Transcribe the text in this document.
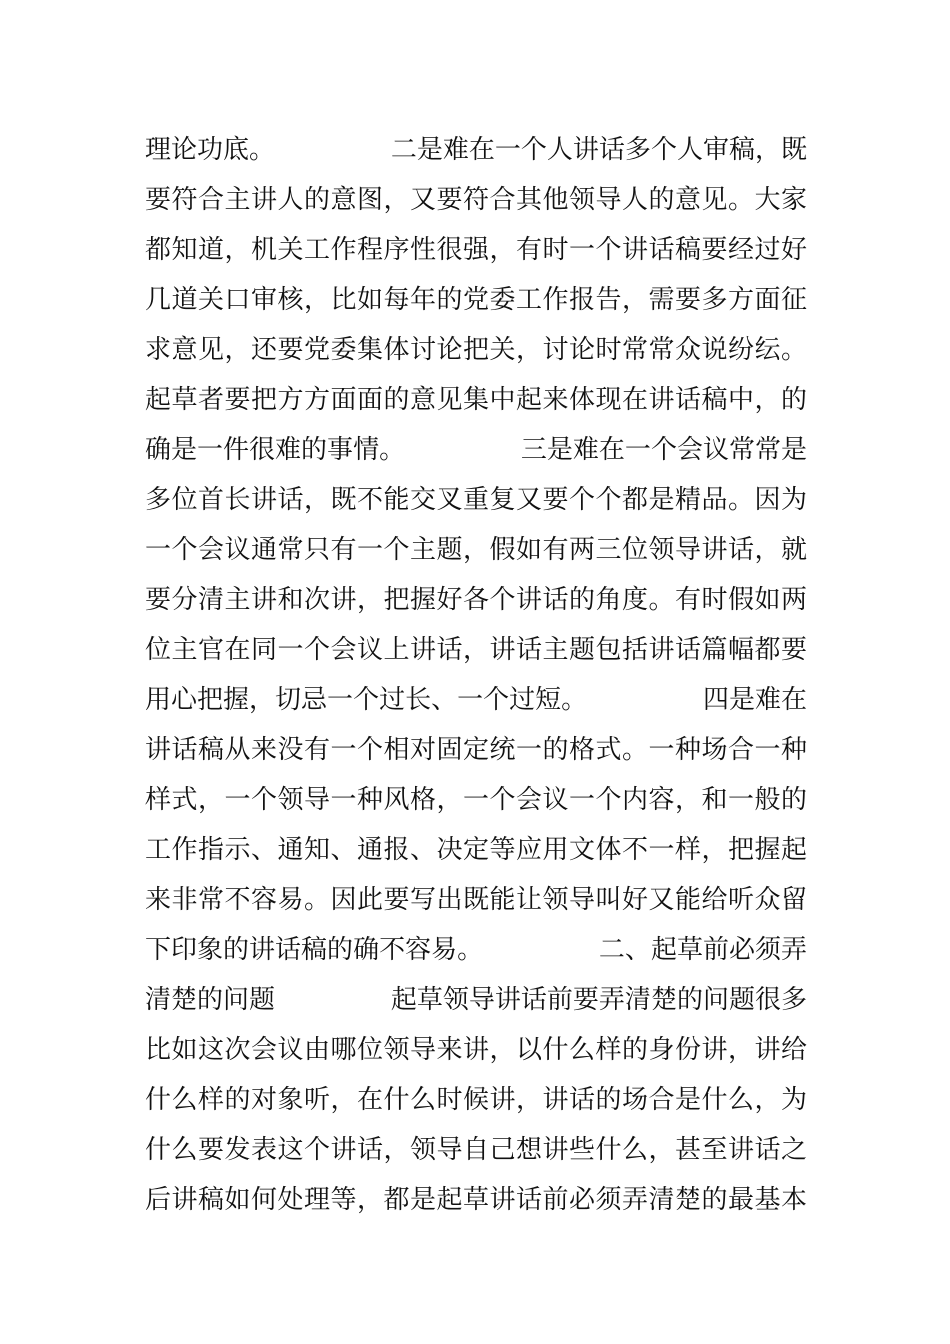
理论功底。              二是难在一个人讲话多个人审稿，既
要符合主讲人的意图，又要符合其他领导人的意见。大家
都知道，机关工作程序性很强，有时一个讲话稿要经过好
几道关口审核，比如每年的党委工作报告，需要多方面征
求意见，还要党委集体讨论把关，讨论时常常众说纷纭。
起草者要把方方面面的意见集中起来体现在讲话稿中，的
确是一件很难的事情。              三是难在一个会议常常是
多位首长讲话，既不能交叉重复又要个个都是精品。因为
一个会议通常只有一个主题，假如有两三位领导讲话，就
要分清主讲和次讲，把握好各个讲话的角度。有时假如两
位主官在同一个会议上讲话，讲话主题包括讲话篇幅都要
用心把握，切忌一个过长、一个过短。              四是难在
讲话稿从来没有一个相对固定统一的格式。一种场合一种
样式，一个领导一种风格，一个会议一个内容，和一般的
工作指示、通知、通报、决定等应用文体不一样，把握起
来非常不容易。因此要写出既能让领导叫好又能给听众留
下印象的讲话稿的确不容易。              二、起草前必须弄
清楚的问题              起草领导讲话前要弄清楚的问题很多
比如这次会议由哪位领导来讲，以什么样的身份讲，讲给
什么样的对象听，在什么时候讲，讲话的场合是什么，为
什么要发表这个讲话，领导自己想讲些什么，甚至讲话之
后讲稿如何处理等，都是起草讲话前必须弄清楚的最基本
